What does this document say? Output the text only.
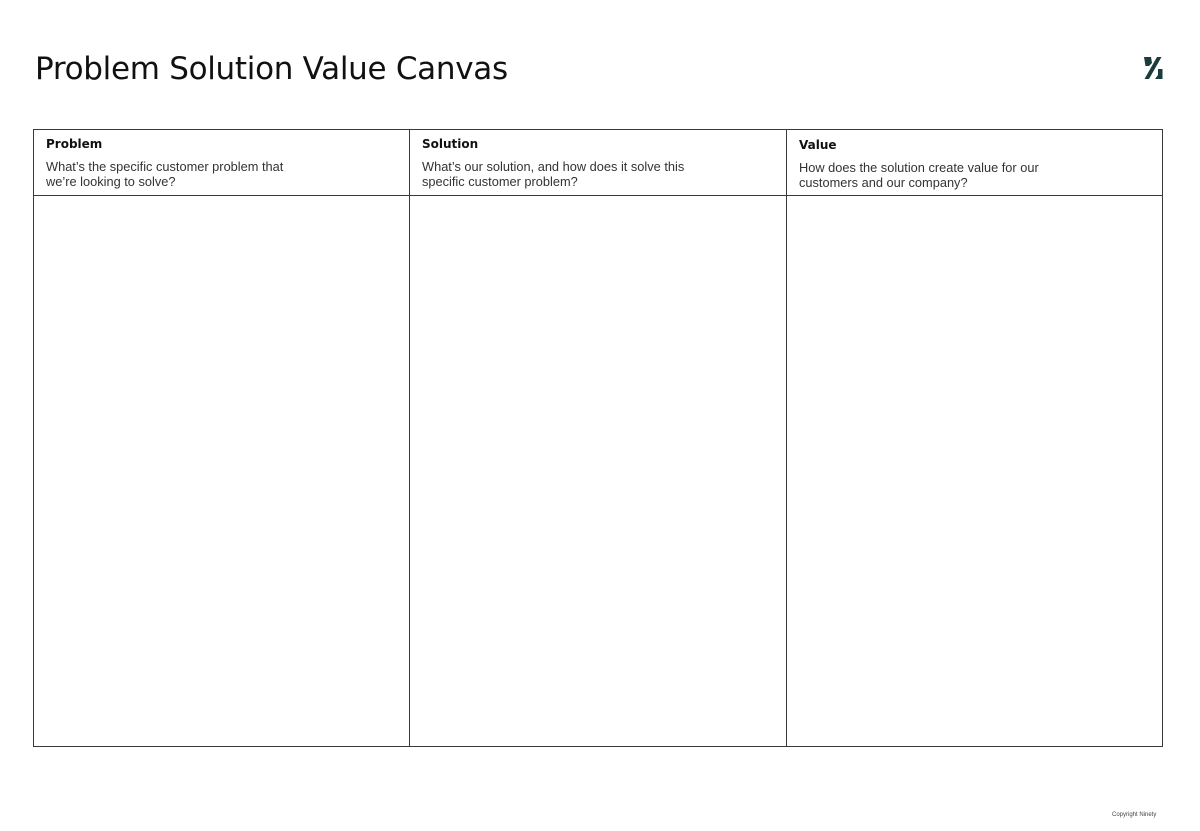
Problem Solution Value Canvas
Problem
What’s the specific customer problem that we’re looking to solve?
Solution
What’s our solution, and how does it solve this specific customer problem?
Value
How does the solution create value for our customers and our company?
Copyright Ninety
